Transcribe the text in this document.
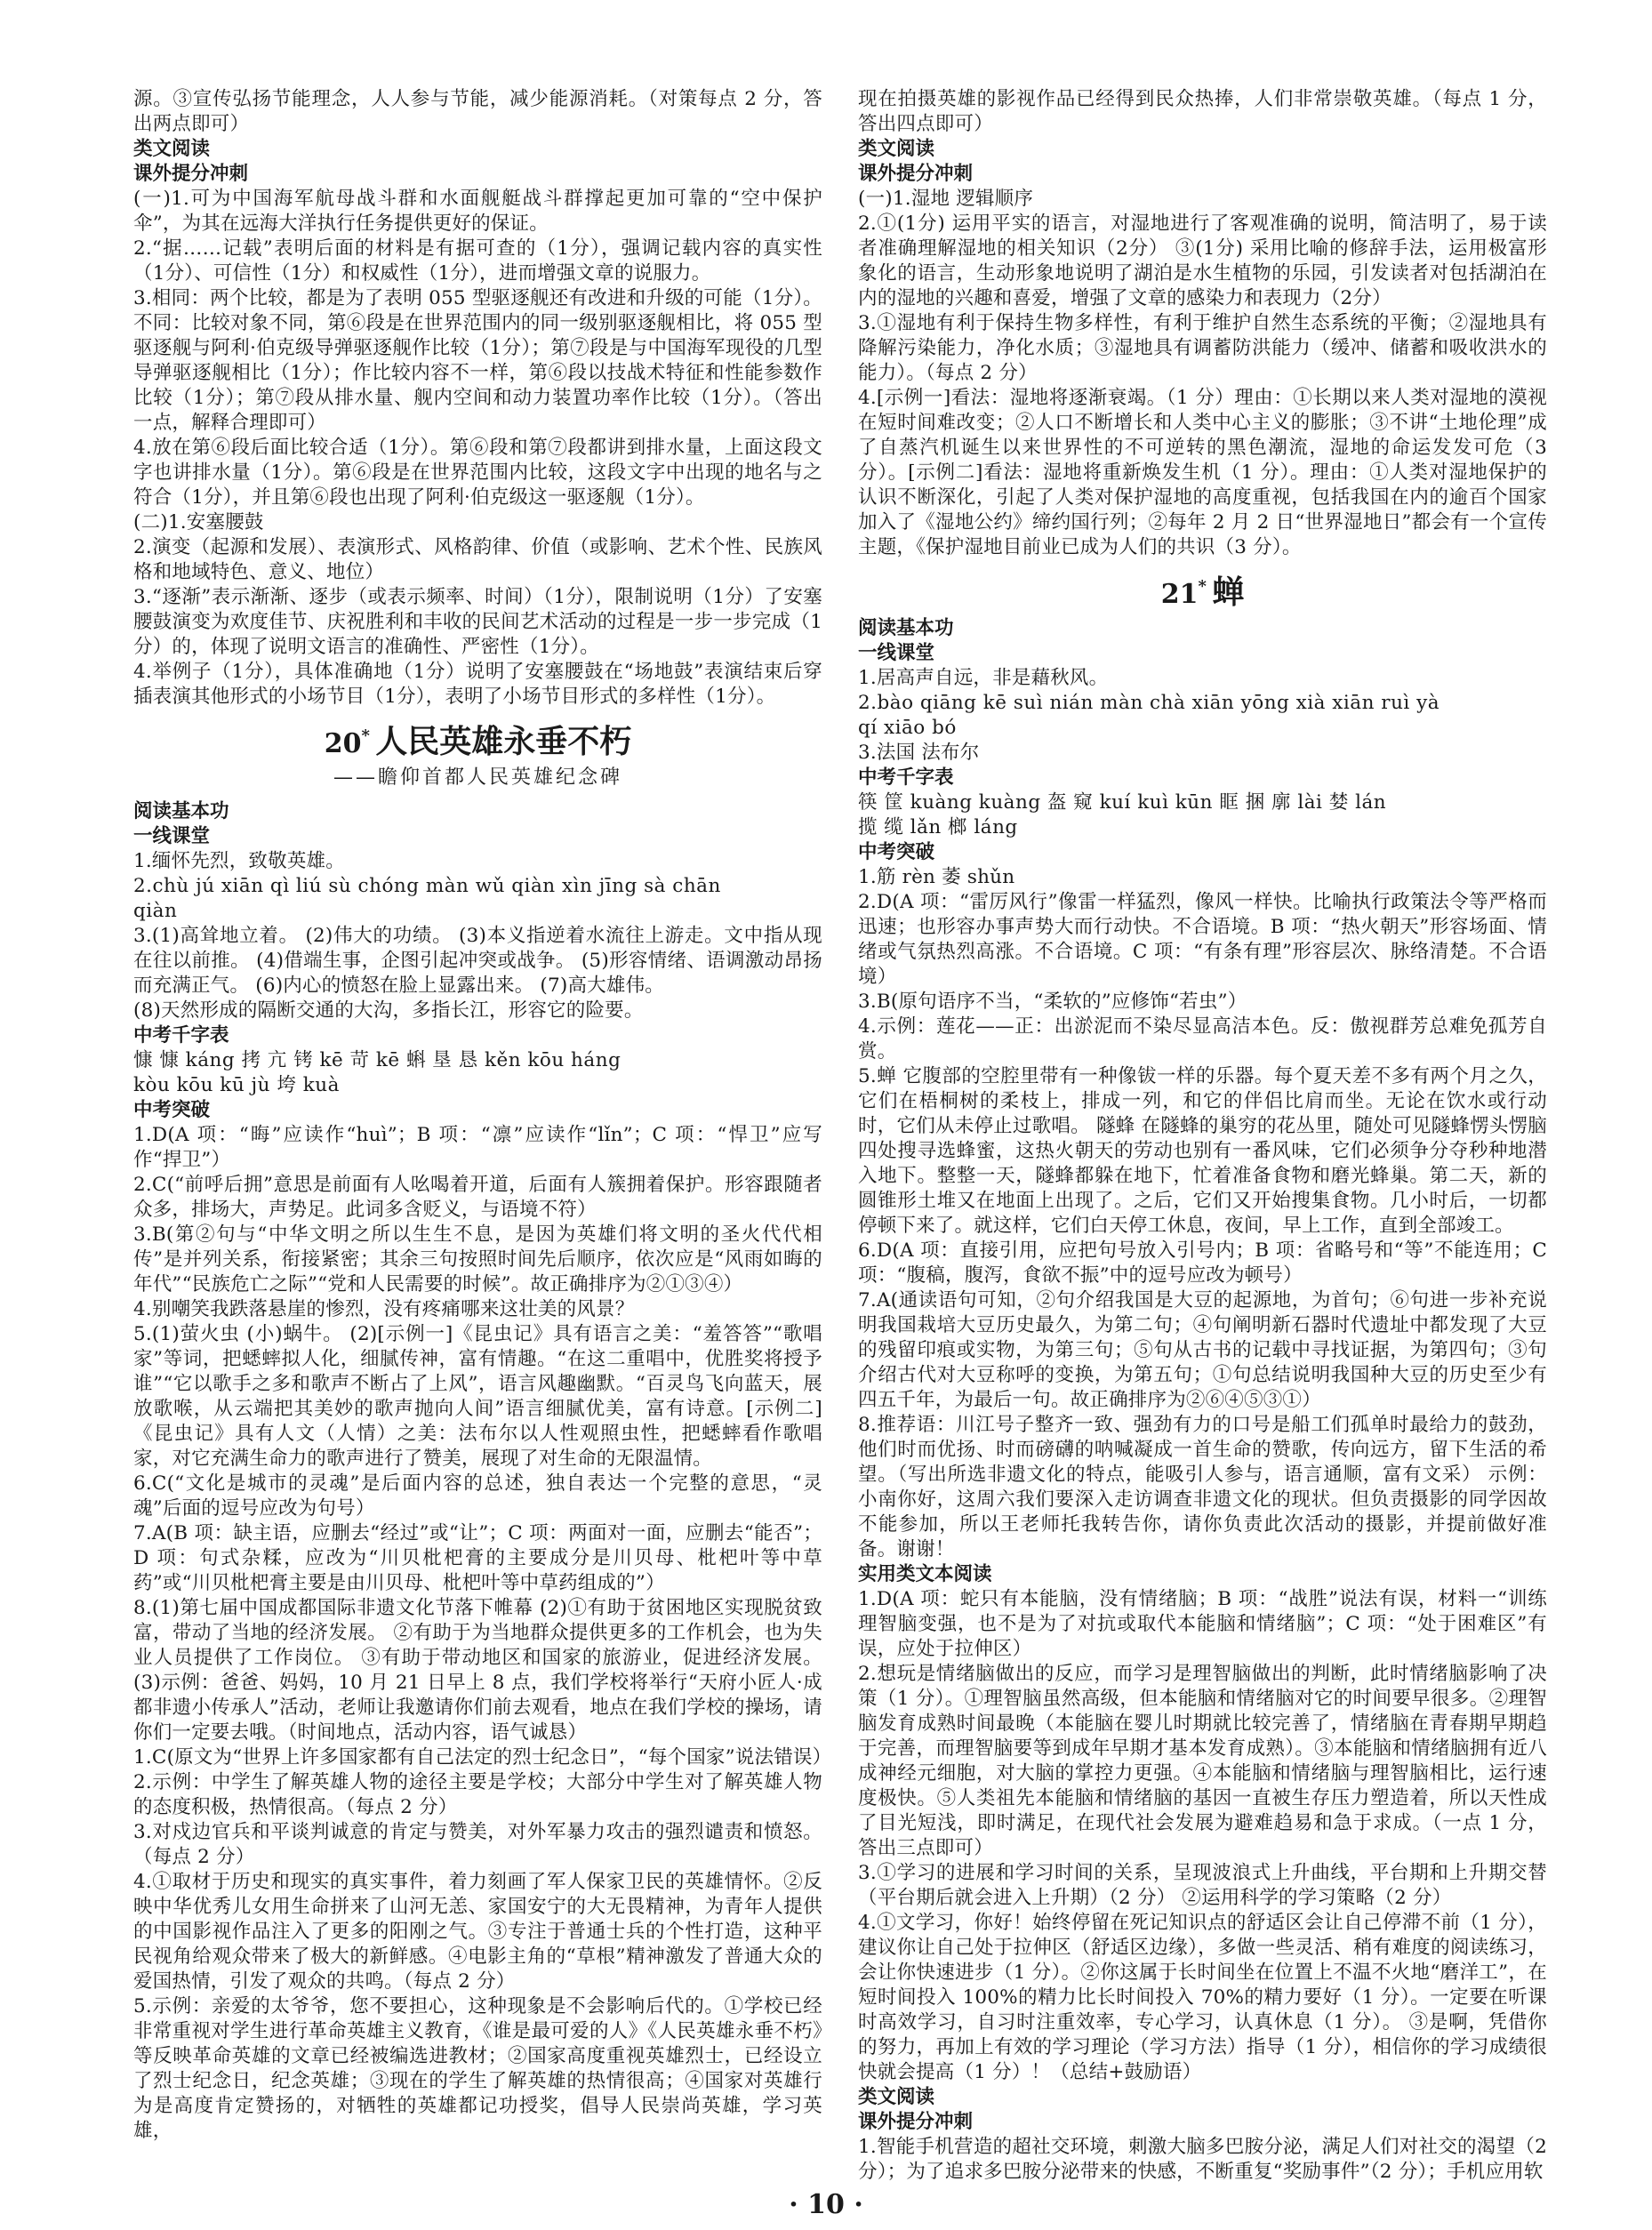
源。③宣传弘扬节能理念，人人参与节能，减少能源消耗。（对策每点 2 分，答出两点即可）

类文阅读

课外提分冲刺

(一)1.可为中国海军航母战斗群和水面舰艇战斗群撑起更加可靠的“空中保护伞”，为其在远海大洋执行任务提供更好的保证。

2.“据……记载”表明后面的材料是有据可查的（1分），强调记载内容的真实性（1分）、可信性（1分）和权威性（1分），进而增强文章的说服力。

3.相同：两个比较，都是为了表明 055 型驱逐舰还有改进和升级的可能（1分）。不同：比较对象不同，第⑥段是在世界范围内的同一级别驱逐舰相比，将 055 型驱逐舰与阿利·伯克级导弹驱逐舰作比较（1分）；第⑦段是与中国海军现役的几型导弹驱逐舰相比（1分）；作比较内容不一样，第⑥段以技战术特征和性能参数作比较（1分）；第⑦段从排水量、舰内空间和动力装置功率作比较（1分）。（答出一点，解释合理即可）

4.放在第⑥段后面比较合适（1分）。第⑥段和第⑦段都讲到排水量，上面这段文字也讲排水量（1分）。第⑥段是在世界范围内比较，这段文字中出现的地名与之符合（1分），并且第⑥段也出现了阿利·伯克级这一驱逐舰（1分）。

(二)1.安塞腰鼓

2.演变（起源和发展）、表演形式、风格韵律、价值（或影响、艺术个性、民族风格和地域特色、意义、地位）

3.“逐渐”表示渐渐、逐步（或表示频率、时间）（1分），限制说明（1分）了安塞腰鼓演变为欢度佳节、庆祝胜利和丰收的民间艺术活动的过程是一步一步完成（1分）的，体现了说明文语言的准确性、严密性（1分）。

4.举例子（1分），具体准确地（1分）说明了安塞腰鼓在“场地鼓”表演结束后穿插表演其他形式的小场节目（1分），表明了小场节目形式的多样性（1分）。

20* 人民英雄永垂不朽

——瞻仰首都人民英雄纪念碑

阅读基本功

一线课堂

1.缅怀先烈，致敬英雄。

2.chù jú xiān qì liú sù chóng màn wǔ qiàn xìn jīng sà chān

qiàn

3.(1)高耸地立着。 (2)伟大的功绩。 (3)本义指逆着水流往上游走。文中指从现在往以前推。 (4)借端生事，企图引起冲突或战争。 (5)形容情绪、语调激动昂扬而充满正气。 (6)内心的愤怒在脸上显露出来。 (7)高大雄伟。

(8)天然形成的隔断交通的大沟，多指长江，形容它的险要。

中考千字表

慷 慷 káng 拷 亢 铐 kē 苛 kē 蝌 垦 恳 kěn kōu háng

kòu kōu kū jù 垮 kuà

中考突破

1.D(A 项：“晦”应读作“huì”；B 项：“凛”应读作“lǐn”；C 项：“悍卫”应写作“捍卫”）

2.C(“前呼后拥”意思是前面有人吆喝着开道，后面有人簇拥着保护。形容跟随者众多，排场大，声势足。此词多含贬义，与语境不符）

3.B(第②句与“中华文明之所以生生不息，是因为英雄们将文明的圣火代代相传”是并列关系，衔接紧密；其余三句按照时间先后顺序，依次应是“风雨如晦的年代”“民族危亡之际”“党和人民需要的时候”。故正确排序为②①③④）

4.别嘲笑我跌落悬崖的惨烈，没有疼痛哪来这壮美的风景？

5.(1)萤火虫 (小)蜗牛。 (2)[示例一]《昆虫记》具有语言之美：“羞答答”“歌唱家”等词，把蟋蟀拟人化，细腻传神，富有情趣。“在这二重唱中，优胜奖将授予谁”“它以歌手之多和歌声不断占了上风”，语言风趣幽默。“百灵鸟飞向蓝天，展放歌喉，从云端把其美妙的歌声抛向人间”语言细腻优美，富有诗意。[示例二]《昆虫记》具有人文（人情）之美：法布尔以人性观照虫性，把蟋蟀看作歌唱家，对它充满生命力的歌声进行了赞美，展现了对生命的无限温情。

6.C(“文化是城市的灵魂”是后面内容的总述，独自表达一个完整的意思，“灵魂”后面的逗号应改为句号）

7.A(B 项：缺主语，应删去“经过”或“让”；C 项：两面对一面，应删去“能否”；D 项：句式杂糅，应改为“川贝枇杷膏的主要成分是川贝母、枇杷叶等中草药”或“川贝枇杷膏主要是由川贝母、枇杷叶等中草药组成的”）

8.(1)第七届中国成都国际非遗文化节落下帷幕 (2)①有助于贫困地区实现脱贫致富，带动了当地的经济发展。 ②有助于为当地群众提供更多的工作机会，也为失业人员提供了工作岗位。 ③有助于带动地区和国家的旅游业，促进经济发展。 (3)示例：爸爸、妈妈，10 月 21 日早上 8 点，我们学校将举行“天府小匠人·成都非遗小传承人”活动，老师让我邀请你们前去观看，地点在我们学校的操场，请你们一定要去哦。（时间地点，活动内容，语气诚恳）

1.C(原文为“世界上许多国家都有自己法定的烈士纪念日”，“每个国家”说法错误）

2.示例：中学生了解英雄人物的途径主要是学校；大部分中学生对了解英雄人物的态度积极，热情很高。（每点 2 分）

3.对戍边官兵和平谈判诚意的肯定与赞美，对外军暴力攻击的强烈谴责和愤怒。（每点 2 分）

4.①取材于历史和现实的真实事件，着力刻画了军人保家卫民的英雄情怀。②反映中华优秀儿女用生命拼来了山河无恙、家国安宁的大无畏精神，为青年人提供的中国影视作品注入了更多的阳刚之气。③专注于普通士兵的个性打造，这种平民视角给观众带来了极大的新鲜感。④电影主角的“草根”精神激发了普通大众的爱国热情，引发了观众的共鸣。（每点 2 分）

5.示例：亲爱的太爷爷，您不要担心，这种现象是不会影响后代的。①学校已经非常重视对学生进行革命英雄主义教育，《谁是最可爱的人》《人民英雄永垂不朽》等反映革命英雄的文章已经被编选进教材；②国家高度重视英雄烈士，已经设立了烈士纪念日，纪念英雄；③现在的学生了解英雄的热情很高；④国家对英雄行为是高度肯定赞扬的，对牺牲的英雄都记功授奖，倡导人民崇尚英雄，学习英雄，

现在拍摄英雄的影视作品已经得到民众热捧，人们非常崇敬英雄。（每点 1 分，答出四点即可）

类文阅读

课外提分冲刺

(一)1.湿地 逻辑顺序

2.①(1分) 运用平实的语言，对湿地进行了客观准确的说明，简洁明了，易于读者准确理解湿地的相关知识（2分） ③(1分) 采用比喻的修辞手法，运用极富形象化的语言，生动形象地说明了湖泊是水生植物的乐园，引发读者对包括湖泊在内的湿地的兴趣和喜爱，增强了文章的感染力和表现力（2分）

3.①湿地有利于保持生物多样性，有利于维护自然生态系统的平衡；②湿地具有降解污染能力，净化水质；③湿地具有调蓄防洪能力（缓冲、储蓄和吸收洪水的能力）。（每点 2 分）

4.[示例一]看法：湿地将逐渐衰竭。（1 分）理由：①长期以来人类对湿地的漠视在短时间难改变；②人口不断增长和人类中心主义的膨胀；③不讲“土地伦理”成了自蒸汽机诞生以来世界性的不可逆转的黑色潮流，湿地的命运发发可危（3分）。[示例二]看法：湿地将重新焕发生机（1 分）。理由：①人类对湿地保护的认识不断深化，引起了人类对保护湿地的高度重视，包括我国在内的逾百个国家加入了《湿地公约》缔约国行列；②每年 2 月 2 日“世界湿地日”都会有一个宣传主题，《保护湿地目前业已成为人们的共识（3 分）。

21* 蝉

阅读基本功

一线课堂

1.居高声自远，非是藉秋风。

2.bào qiāng kē suì nián màn chà xiān yōng xià xiān ruì yà

qí xiāo bó

3.法国 法布尔

中考千字表

筷 筐 kuàng kuàng 盔 窥 kuí kuì kūn 眶 捆 廓 lài 婪 lán

揽 缆 lǎn 榔 láng

中考突破

1.筋 rèn 萎 shǔn

2.D(A 项：“雷厉风行”像雷一样猛烈，像风一样快。比喻执行政策法令等严格而迅速；也形容办事声势大而行动快。不合语境。B 项：“热火朝天”形容场面、情绪或气氛热烈高涨。不合语境。C 项：“有条有理”形容层次、脉络清楚。不合语境）

3.B(原句语序不当，“柔软的”应修饰“若虫”）

4.示例：莲花——正：出淤泥而不染尽显高洁本色。反：傲视群芳总难免孤芳自赏。

5.蝉 它腹部的空腔里带有一种像钹一样的乐器。每个夏天差不多有两个月之久，它们在梧桐树的柔枝上，排成一列，和它的伴侣比肩而坐。无论在饮水或行动时，它们从未停止过歌唱。 隧蜂 在隧蜂的巢穷的花丛里，随处可见隧蜂愣头愣脑四处搜寻选蜂蜜，这热火朝天的劳动也别有一番风味，它们必须争分夺秒种地潜入地下。整整一天，隧蜂都躲在地下，忙着准备食物和磨光蜂巢。第二天，新的圆锥形土堆又在地面上出现了。之后，它们又开始搜集食物。几小时后，一切都停顿下来了。就这样，它们白天停工休息，夜间，早上工作，直到全部竣工。

6.D(A 项：直接引用，应把句号放入引号内；B 项：省略号和“等”不能连用；C 项：“腹稿，腹泻，食欲不振”中的逗号应改为顿号）

7.A(通读语句可知，②句介绍我国是大豆的起源地，为首句；⑥句进一步补充说明我国栽培大豆历史最久，为第二句；④句阐明新石器时代遗址中都发现了大豆的残留印痕或实物，为第三句；⑤句从古书的记载中寻找证据，为第四句；③句介绍古代对大豆称呼的变换，为第五句；①句总结说明我国种大豆的历史至少有四五千年，为最后一句。故正确排序为②⑥④⑤③①）

8.推荐语：川江号子整齐一致、强劲有力的口号是船工们孤单时最给力的鼓劲，他们时而优扬、时而磅礴的呐喊凝成一首生命的赞歌，传向远方，留下生活的希望。（写出所选非遗文化的特点，能吸引人参与，语言通顺，富有文采） 示例：小南你好，这周六我们要深入走访调查非遗文化的现状。但负责摄影的同学因故不能参加，所以王老师托我转告你，请你负责此次活动的摄影，并提前做好准备。谢谢！

实用类文本阅读

1.D(A 项：蛇只有本能脑，没有情绪脑；B 项：“战胜”说法有误，材料一“训练理智脑变强，也不是为了对抗或取代本能脑和情绪脑”；C 项：“处于困难区”有误，应处于拉伸区）

2.想玩是情绪脑做出的反应，而学习是理智脑做出的判断，此时情绪脑影响了决策（1 分）。①理智脑虽然高级，但本能脑和情绪脑对它的时间要早很多。②理智脑发育成熟时间最晚（本能脑在婴儿时期就比较完善了，情绪脑在青春期早期趋于完善，而理智脑要等到成年早期才基本发育成熟）。③本能脑和情绪脑拥有近八成神经元细胞，对大脑的掌控力更强。④本能脑和情绪脑与理智脑相比，运行速度极快。⑤人类祖先本能脑和情绪脑的基因一直被生存压力塑造着，所以天性成了目光短浅，即时满足，在现代社会发展为避难趋易和急于求成。（一点 1 分，答出三点即可）

3.①学习的进展和学习时间的关系，呈现波浪式上升曲线，平台期和上升期交替（平台期后就会进入上升期）（2 分） ②运用科学的学习策略（2 分）

4.①文学习，你好！始终停留在死记知识点的舒适区会让自己停滞不前（1 分），建议你让自己处于拉伸区（舒适区边缘），多做一些灵活、稍有难度的阅读练习，会让你快速进步（1 分）。②你这属于长时间坐在位置上不温不火地“磨洋工”，在短时间投入 100%的精力比长时间投入 70%的精力要好（1 分）。一定要在听课时高效学习，自习时注重效率，专心学习，认真休息（1 分）。 ③是啊，凭借你的努力，再加上有效的学习理论（学习方法）指导（1 分），相信你的学习成绩很快就会提高（1 分）！（总结+鼓励语）

类文阅读

课外提分冲刺

1.智能手机营造的超社交环境，刺激大脑多巴胺分泌，满足人们对社交的渴望（2 分）；为了追求多巴胺分泌带来的快感，不断重复“奖励事件”（2 分）；手机应用软

· 10 ·
